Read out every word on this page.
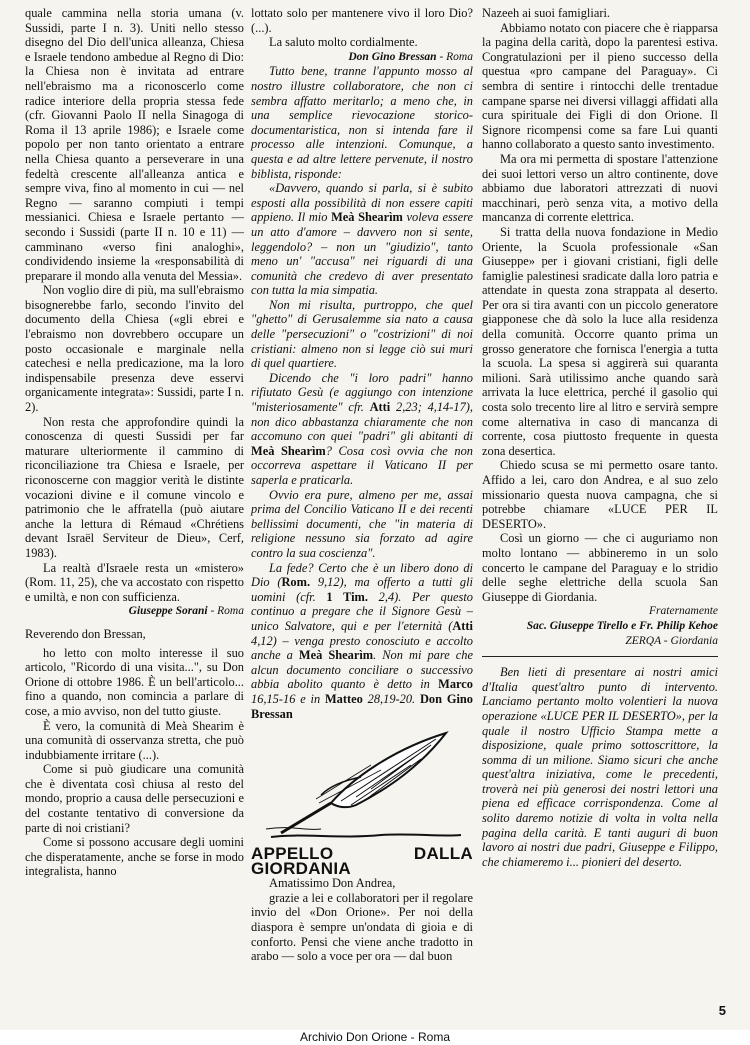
quale cammina nella storia umana (v. Sussidi, parte I n. 3). Uniti nello stesso disegno del Dio dell'unica alleanza, Chiesa e Israele tendono ambedue al Regno di Dio: la Chiesa non è invitata ad entrare nell'ebraismo ma a riconoscerlo come radice interiore della propria stessa fede (cfr. Giovanni Paolo II nella Sinagoga di Roma il 13 aprile 1986); e Israele come popolo per non tanto orientato a entrare nella Chiesa quanto a perseverare in una fedeltà crescente all'alleanza antica e sempre viva, fino al momento in cui — nel Regno — saranno compiuti i tempi messianici. Chiesa e Israele pertanto — secondo i Sussidi (parte II n. 10 e 11) — camminano «verso fini analoghi», condividendo insieme la «responsabilità di preparare il mondo alla venuta del Messia».

Non voglio dire di più, ma sull'ebraismo bisognerebbe farlo, secondo l'invito del documento della Chiesa («gli ebrei e l'ebraismo non dovrebbero occupare un posto occasionale e marginale nella catechesi e nella predicazione, ma la loro indispensabile presenza deve esservi organicamente integrata»: Sussidi, parte I n. 2).

Non resta che approfondire quindi la conoscenza di questi Sussidi per far maturare ulteriormente il cammino di riconciliazione tra Chiesa e Israele, per riconoscerne con maggior verità le distinte vocazioni divine e il comune vincolo e patrimonio che le affratella (può aiutare anche la lettura di Rémaud «Chrétiens devant Israël Serviteur de Dieu», Cerf, 1983).

La realtà d'Israele resta un «mistero» (Rom. 11, 25), che va accostato con rispetto e umiltà, e non con sufficienza.

Giuseppe Sorani - Roma

Reverendo don Bressan,

ho letto con molto interesse il suo articolo, "Ricordo di una visita...", su Don Orione di ottobre 1986. È un bell'articolo... fino a quando, non comincia a parlare di cose, a mio avviso, non del tutto giuste.

È vero, la comunità di Meà Shearim è una comunità di osservanza stretta, che può indubbiamente irritare (...).

Come si può giudicare una comunità che è diventata così chiusa al resto del mondo, proprio a causa delle persecuzioni e del costante tentativo di conversione da parte di noi cristiani?

Come si possono accusare degli uomini che disperatamente, anche se forse in modo integralista, hanno

lottato solo per mantenere vivo il loro Dio? (...).

La saluto molto cordialmente.

Don Gino Bressan - Roma

Tutto bene, tranne l'appunto mosso al nostro illustre collaboratore, che non ci sembra affatto meritarlo; a meno che, in una semplice rievocazione storico-documentaristica, non si intenda fare il processo alle intenzioni. Comunque, a questa e ad altre lettere pervenute, il nostro biblista, risponde:

«Davvero, quando si parla, si è subito esposti alla possibilità di non essere capiti appieno. Il mio Meà Shearìm voleva essere un atto d'amore – davvero non si sente, leggendolo? – non un "giudizio", tanto meno un' "accusa" nei riguardi di una comunità che credevo di aver presentato con tutta la mia simpatia.

Non mi risulta, purtroppo, che quel "ghetto" di Gerusalemme sia nato a causa delle "persecuzioni" o "costrizioni" di noi cristiani: almeno non si legge ciò sui muri di quel quartiere.

Dicendo che "i loro padri" hanno rifiutato Gesù (e aggiungo con intenzione "misteriosamente" cfr. Atti 2,23; 4,14-17), non dico abbastanza chiaramente che non accomuno con quei "padri" gli abitanti di Meà Shearìm? Cosa così ovvia che non occorreva aspettare il Vaticano II per saperla e praticarla.

Ovvio era pure, almeno per me, assai prima del Concilio Vaticano II e dei recenti bellissimi documenti, che "in materia di religione nessuno sia forzato ad agire contro la sua coscienza".

La fede? Certo che è un libero dono di Dio (Rom. 9,12), ma offerto a tutti gli uomini (cfr. 1 Tim. 2,4). Per questo continuo a pregare che il Signore Gesù – unico Salvatore, qui e per l'eternità (Atti 4,12) – venga presto conosciuto e accolto anche a Meà Shearìm. Non mi pare che alcun documento conciliare o successivo abbia abolito quanto è detto in Marco 16,15-16 e in Matteo 28,19-20. Don Gino Bressan

APPELLO DALLA GIORDANIA

Amatissimo Don Andrea,

grazie a lei e collaboratori per il regolare invio del «Don Orione». Per noi della diaspora è sempre un'ondata di gioia e di conforto. Pensi che viene anche tradotto in arabo — solo a voce per ora — dal buon

Nazeeh ai suoi famigliari.

Abbiamo notato con piacere che è riapparsa la pagina della carità, dopo la parentesi estiva. Congratulazioni per il pieno successo della questua «pro campane del Paraguay». Ci sembra di sentire i rintocchi delle trentadue campane sparse nei diversi villaggi affidati alla cura spirituale dei Figli di don Orione. Il Signore ricompensi come sa fare Lui quanti hanno collaborato a questo santo investimento.

Ma ora mi permetta di spostare l'attenzione dei suoi lettori verso un altro continente, dove abbiamo due laboratori attrezzati di nuovi macchinari, però senza vita, a motivo della mancanza di corrente elettrica.

Si tratta della nuova fondazione in Medio Oriente, la Scuola professionale «San Giuseppe» per i giovani cristiani, figli delle famiglie palestinesi sradicate dalla loro patria e attendate in questa zona strappata al deserto. Per ora si tira avanti con un piccolo generatore giapponese che dà solo la luce alla residenza della comunità. Occorre quanto prima un grosso generatore che fornisca l'energia a tutta la scuola. La spesa si aggirerà sui quaranta milioni. Sarà utilissimo anche quando sarà arrivata la luce elettrica, perché il gasolio qui costa solo trecento lire al litro e servirà sempre come alternativa in caso di mancanza di corrente, cosa piuttosto frequente in questa zona desertica.

Chiedo scusa se mi permetto osare tanto. Affido a lei, caro don Andrea, e al suo zelo missionario questa nuova campagna, che si potrebbe chiamare «LUCE PER IL DESERTO».

Così un giorno — che ci auguriamo non molto lontano — abbineremo in un solo concerto le campane del Paraguay e lo stridio delle seghe elettriche della scuola San Giuseppe di Giordania.

Fraternamente

Sac. Giuseppe Tirello e Fr. Philip Kehoe

ZERQA - Giordania

Ben lieti di presentare ai nostri amici d'Italia quest'altro punto di intervento. Lanciamo pertanto molto volentieri la nuova operazione «LUCE PER IL DESERTO», per la quale il nostro Ufficio Stampa mette a disposizione, quale primo sottoscrittore, la somma di un milione. Siamo sicuri che anche quest'altra iniziativa, come le precedenti, troverà nei più generosi dei nostri lettori una piena ed efficace corrispondenza. Come al solito daremo notizie di volta in volta nella pagina della carità. E tanti auguri di buon lavoro ai nostri due padri, Giuseppe e Filippo, che chiameremo i... pionieri del deserto.

5
Archivio Don Orione - Roma
